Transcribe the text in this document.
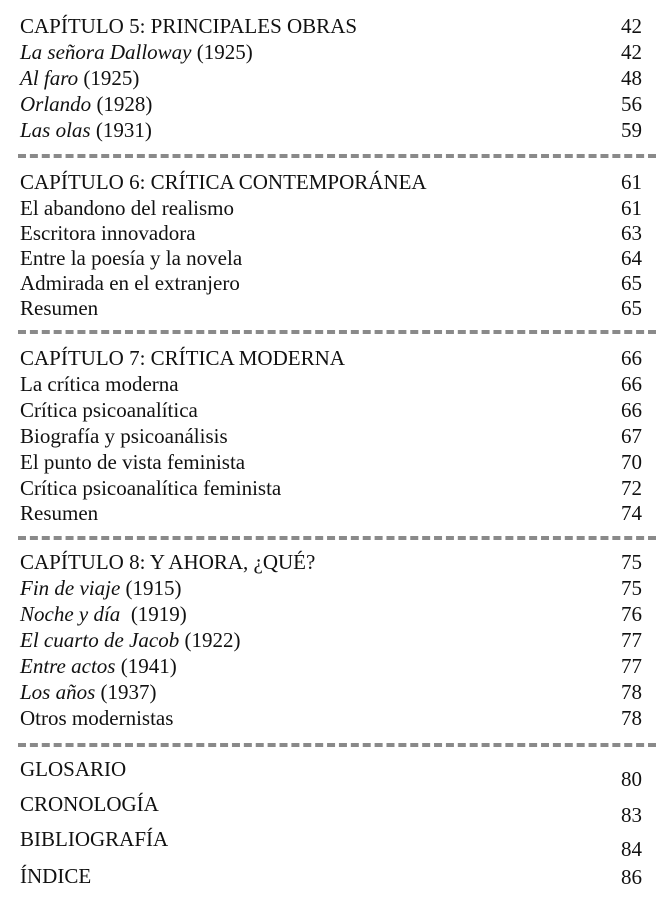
CAPÍTULO 5: PRINCIPALES OBRAS	42
La señora Dalloway (1925)	42
Al faro (1925)	48
Orlando (1928)	56
Las olas (1931)	59
CAPÍTULO 6: CRÍTICA CONTEMPORÁNEA	61
El abandono del realismo	61
Escritora innovadora	63
Entre la poesía y la novela	64
Admirada en el extranjero	65
Resumen	65
CAPÍTULO 7: CRÍTICA MODERNA	66
La crítica moderna	66
Crítica psicoanalítica	66
Biografía y psicoanálisis	67
El punto de vista feminista	70
Crítica psicoanalítica feminista	72
Resumen	74
CAPÍTULO 8: Y AHORA, ¿QUÉ?	75
Fin de viaje (1915)	75
Noche y día  (1919)	76
El cuarto de Jacob (1922)	77
Entre actos (1941)	77
Los años (1937)	78
Otros modernistas	78
GLOSARIO	80
CRONOLOGÍA	83
BIBLIOGRAFÍA	84
ÍNDICE	86
